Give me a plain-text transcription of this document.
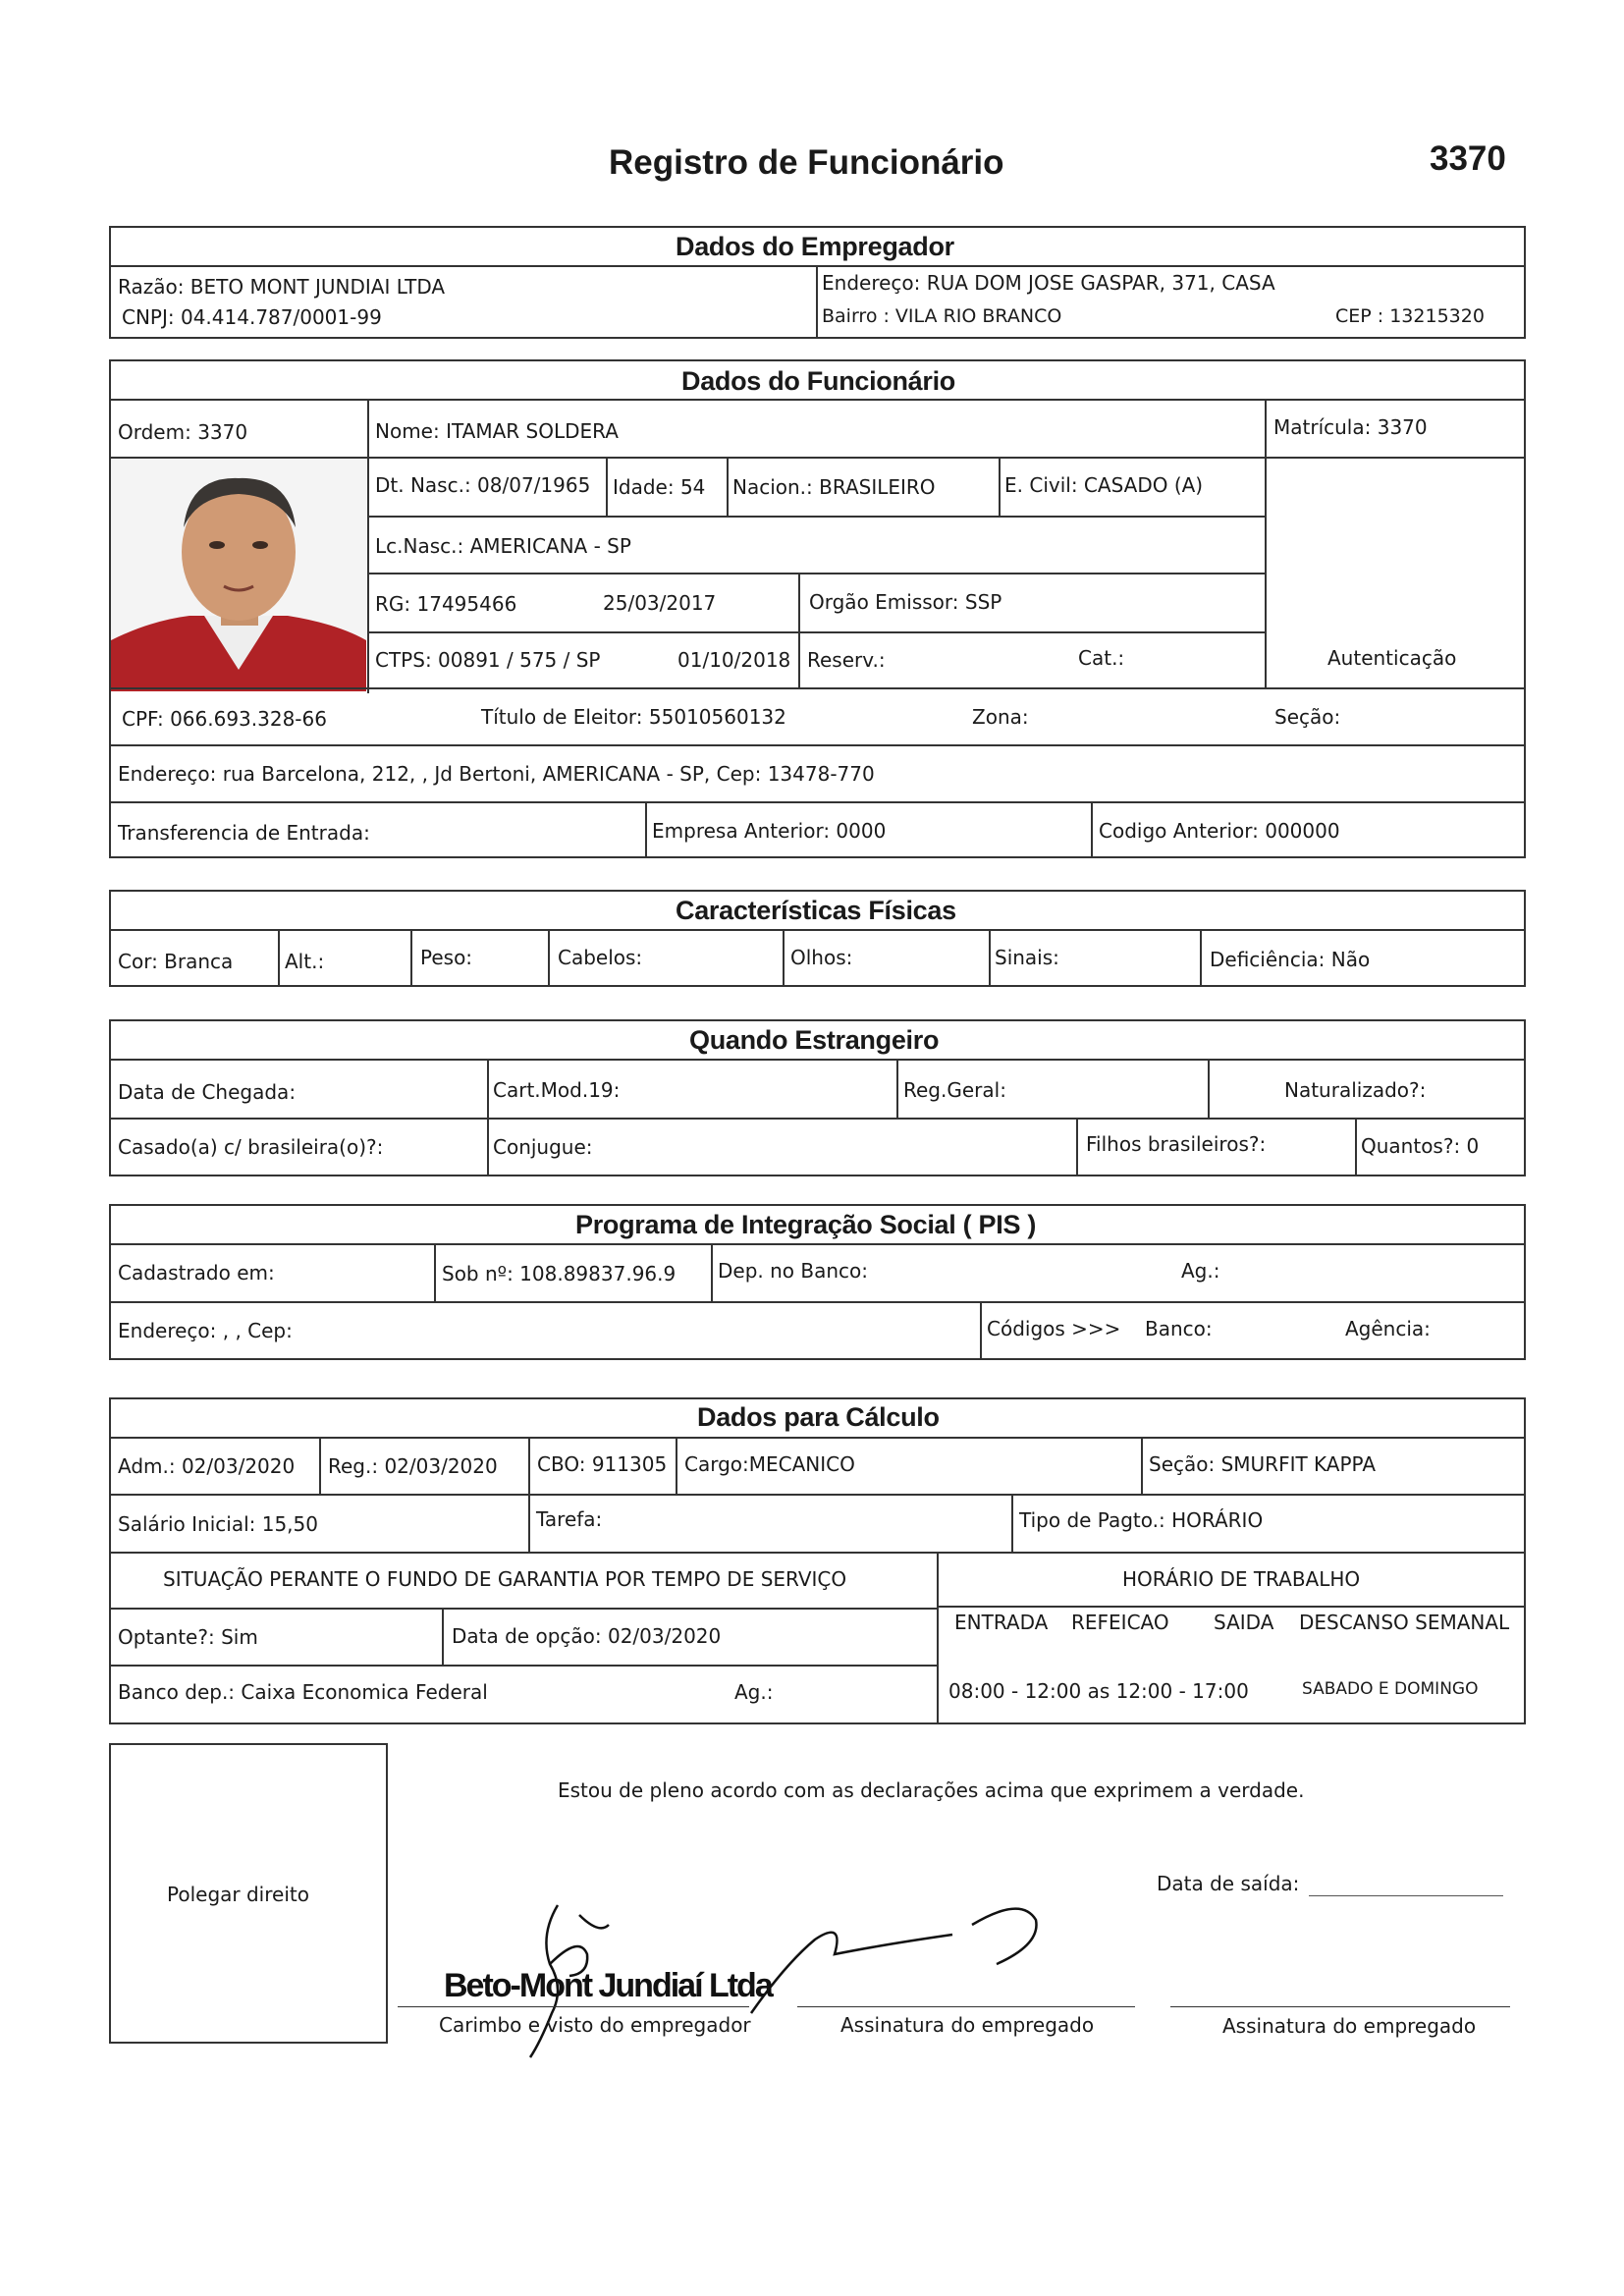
Registro de Funcionário	3370
Dados do Empregador
Razão: BETO MONT JUNDIAI LTDA
CNPJ: 04.414.787/0001-99
Endereço: RUA DOM JOSE GASPAR, 371, CASA
Bairro : VILA RIO BRANCO	CEP : 13215320
Dados do Funcionário
Ordem: 3370	Nome: ITAMAR SOLDERA	Matrícula: 3370
Dt. Nasc.: 08/07/1965 Idade: 54 Nacion.: BRASILEIRO	E. Civil: CASADO (A)
Lc.Nasc.: AMERICANA - SP
RG: 17495466	25/03/2017	Orgão Emissor: SSP
CTPS: 00891 / 575 / SP	01/10/2018 Reserv.:	Cat.:	Autenticação
CPF: 066.693.328-66	Título de Eleitor: 55010560132	Zona:	Seção:
Endereço: rua Barcelona, 212, , Jd Bertoni, AMERICANA - SP, Cep: 13478-770
Transferencia de Entrada:	Empresa Anterior: 0000	Codigo Anterior: 000000
Características Físicas
Cor: Branca	Alt.:	Peso:	Cabelos:	Olhos:	Sinais:	Deficiência: Não
Quando Estrangeiro
Data de Chegada:	Cart.Mod.19:	Reg.Geral:	Naturalizado?:
Casado(a) c/ brasileira(o)?:	Conjugue:	Filhos brasileiros?:	Quantos?: 0
Programa de Integração Social ( PIS )
Cadastrado em:	Sob nº: 108.89837.96.9 Dep. no Banco:	Ag.:
Endereço: , , Cep:	Códigos >>> Banco:	Agência:
Dados para Cálculo
Adm.: 02/03/2020 Reg.: 02/03/2020 CBO: 911305 Cargo:MECANICO	Seção: SMURFIT KAPPA
Salário Inicial: 15,50	Tarefa:	Tipo de Pagto.: HORÁRIO
SITUAÇÃO PERANTE O FUNDO DE GARANTIA POR TEMPO DE SERVIÇO	HORÁRIO DE TRABALHO
Optante?: Sim	Data de opção: 02/03/2020
ENTRADA REFEICAO SAIDA DESCANSO SEMANAL
Banco dep.: Caixa Economica Federal	Ag.:	08:00 - 12:00 as 12:00 - 17:00	SABADO E DOMINGO
Polegar direito
Estou de pleno acordo com as declarações acima que exprimem a verdade.
Data de saída:
Beto-Mont Jundiaí Ltda
Carimbo e visto do empregador	Assinatura do empregado	Assinatura do empregado
